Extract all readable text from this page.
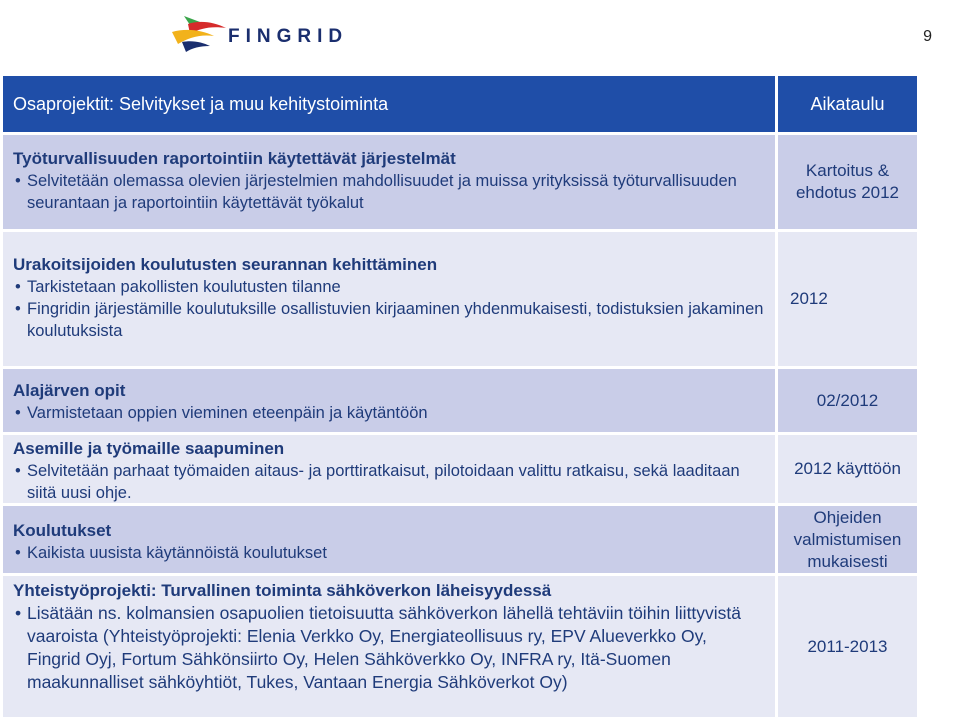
FINGRID	9
Osaprojektit: Selvitykset ja muu kehitystoiminta	Aikataulu

Työturvallisuuden raportointiin käytettävät järjestelmät

• Selvitetään olemassa olevien järjestelmien mahdollisuudet ja muissa yrityksissä työturvallisuuden seurantaan ja raportointiin käytettävät työkalut

Kartoitus & ehdotus 2012

Urakoitsijoiden koulutusten seurannan kehittäminen

• Tarkistetaan pakollisten koulutusten tilanne

• Fingridin järjestämille koulutuksille osallistuvien kirjaaminen yhdenmukaisesti, todistuksien jakaminen koulutuksista

2012

Alajärven opit

• Varmistetaan oppien vieminen eteenpäin ja käytäntöön

02/2012

Asemille ja työmaille saapuminen

• Selvitetään parhaat työmaiden aitaus- ja porttiratkaisut, pilotoidaan valittu ratkaisu, sekä laaditaan siitä uusi ohje.

2012 käyttöön

Koulutukset

• Kaikista uusista käytännöistä koulutukset

Ohjeiden valmistumisen mukaisesti

Yhteistyöprojekti: Turvallinen toiminta sähköverkon läheisyydessä

• Lisätään ns. kolmansien osapuolien tietoisuutta sähköverkon lähellä tehtäviin töihin liittyvistä vaaroista (Yhteistyöprojekti: Elenia Verkko Oy, Energiateollisuus ry, EPV Alueverkko Oy, Fingrid Oyj, Fortum Sähkönsiirto Oy, Helen Sähköverkko Oy, INFRA ry, Itä-Suomen maakunnalliset sähköyhtiöt, Tukes, Vantaan Energia Sähköverkot Oy)

2011-2013
